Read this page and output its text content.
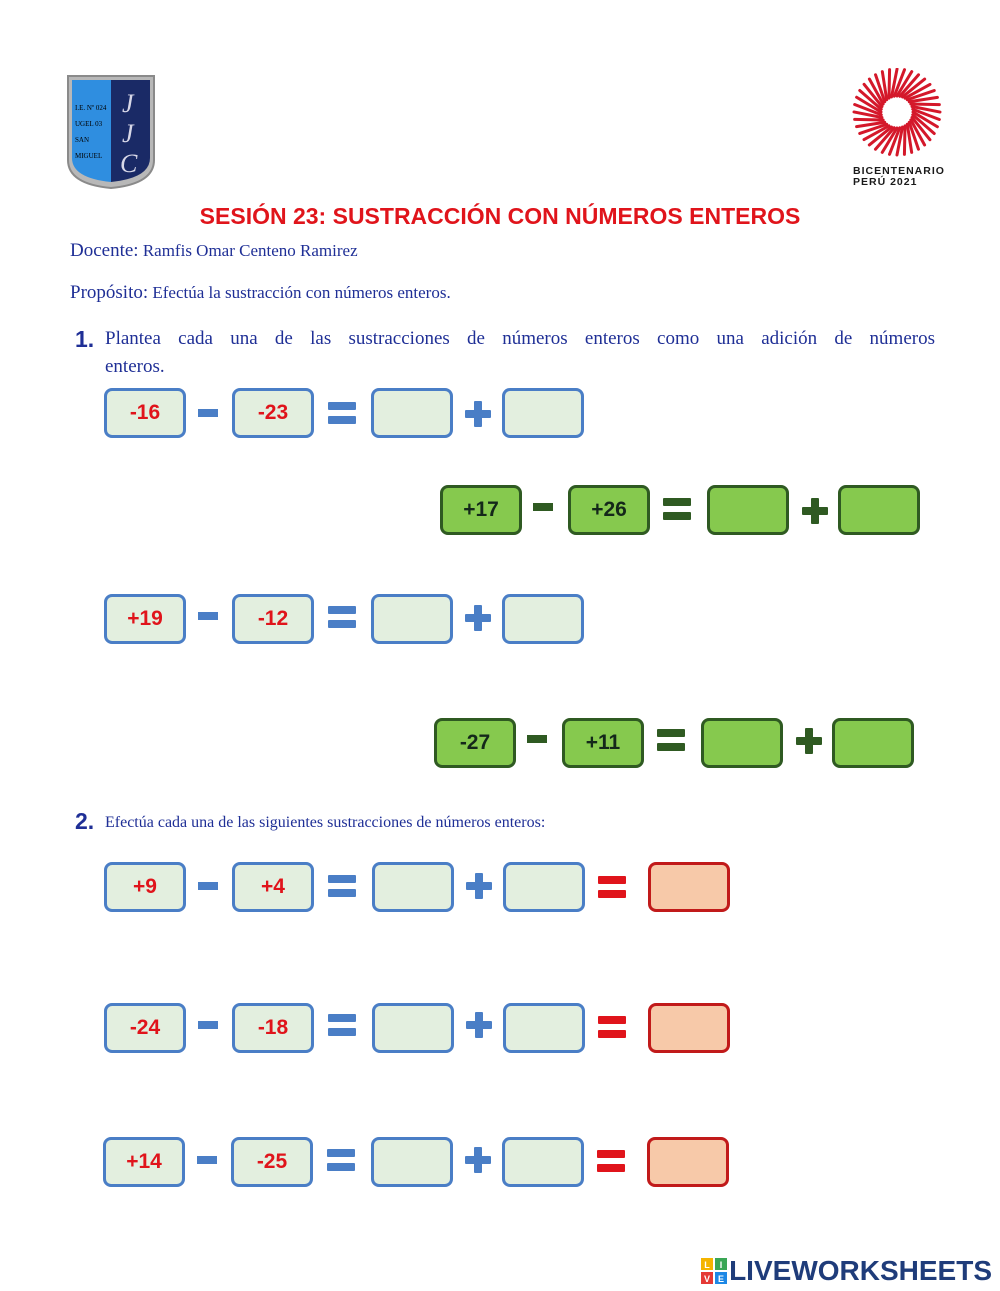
I.E. Nº 024
UGEL 03
SAN
MIGUEL
J
J
C	BICENTENARIO
PERÚ 2021
SESIÓN 23: SUSTRACCIÓN CON NÚMEROS ENTEROS
Docente: Ramfis Omar Centeno Ramirez
Propósito: Efectúa la sustracción con números enteros.
1. Plantea cada una de las sustracciones de números enteros como una adición de números
enteros.
-16	-23
+17	+26
+19	-12
-27	+11
2. Efectúa cada una de las siguientes sustracciones de números enteros:
+9	+4
-24	-18
+14	-25
L I
V E LIVEWORKSHEETS
